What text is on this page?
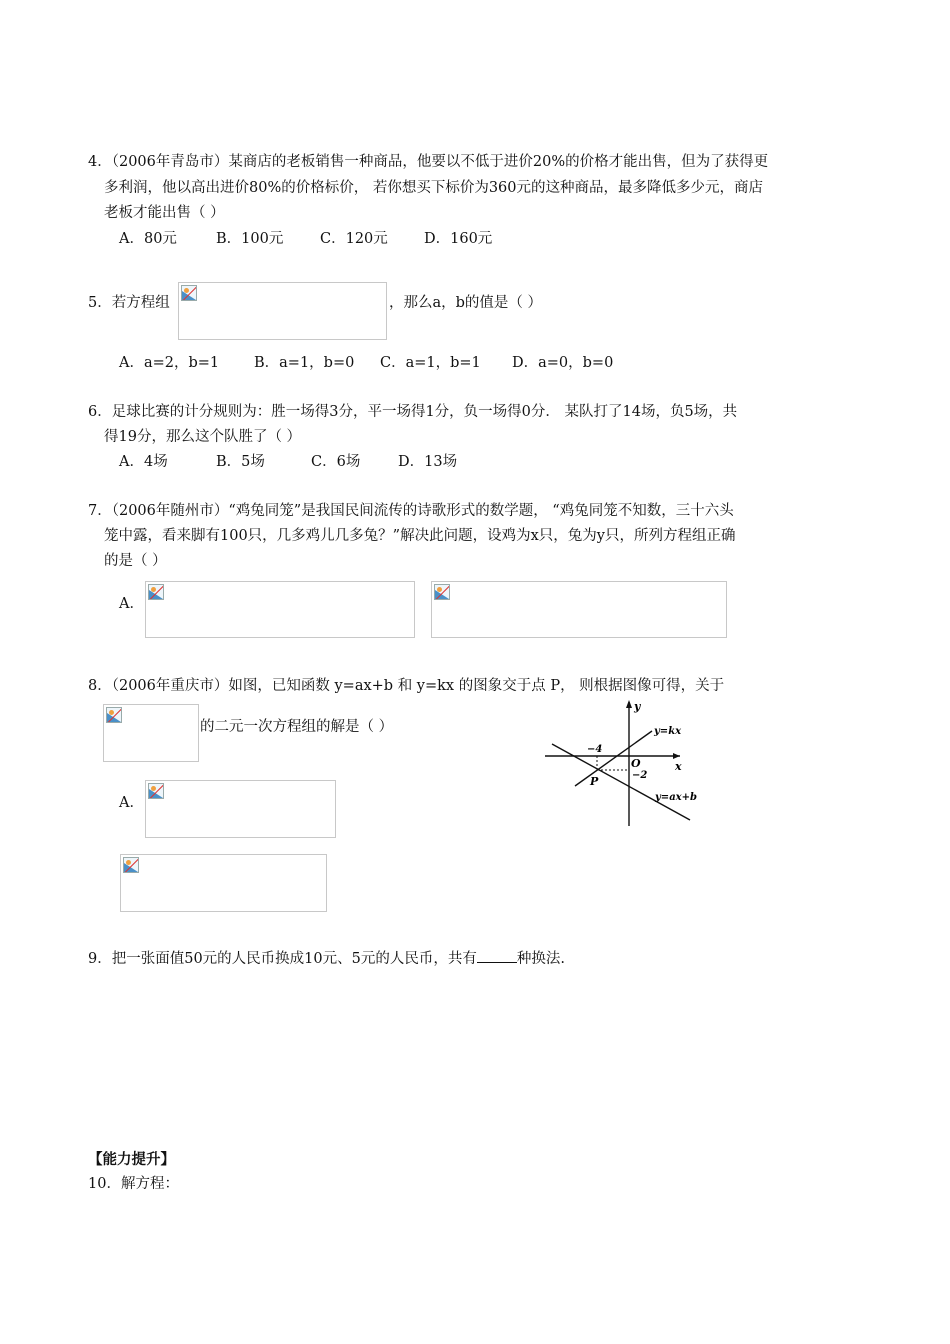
4．（2006年青岛市）某商店的老板销售一种商品，他要以不低于进价20%的价格才能出售，但为了获得更
多利润，他以高出进价80%的价格标价， 若你想买下标价为360元的这种商品，最多降低多少元，商店
老板才能出售（ ）
A．80元	B．100元	C．120元 D．160元
5．若方程组	，那么a，b的值是（ ）
A．a=2，b=1 B．a=1，b=0 C．a=1，b=1 D．a=0，b=0
6．足球比赛的计分规则为：胜一场得3分，平一场得1分，负一场得0分． 某队打了14场，负5场，共
得19分，那么这个队胜了（ ）
A．4场	B．5场	C．6场	D．13场
7．（2006年随州市）“鸡兔同笼”是我国民间流传的诗歌形式的数学题， “鸡兔同笼不知数，三十六头
笼中露，看来脚有100只，几多鸡儿几多兔？”解决此问题，设鸡为x只，兔为y只，所列方程组正确
的是（ ）
A．
8．（2006年重庆市）如图，已知函数 y=ax+b 和 y=kx 的图象交于点 P， 则根据图像可得，关于
的二元一次方程组的解是（ ）
A．
y
x
O
y=kx
y=ax+b
P
−4
−2
9．把一张面值50元的人民币换成10元、5元的人民币，共有	种换法.
【能力提升】
10．解方程：
